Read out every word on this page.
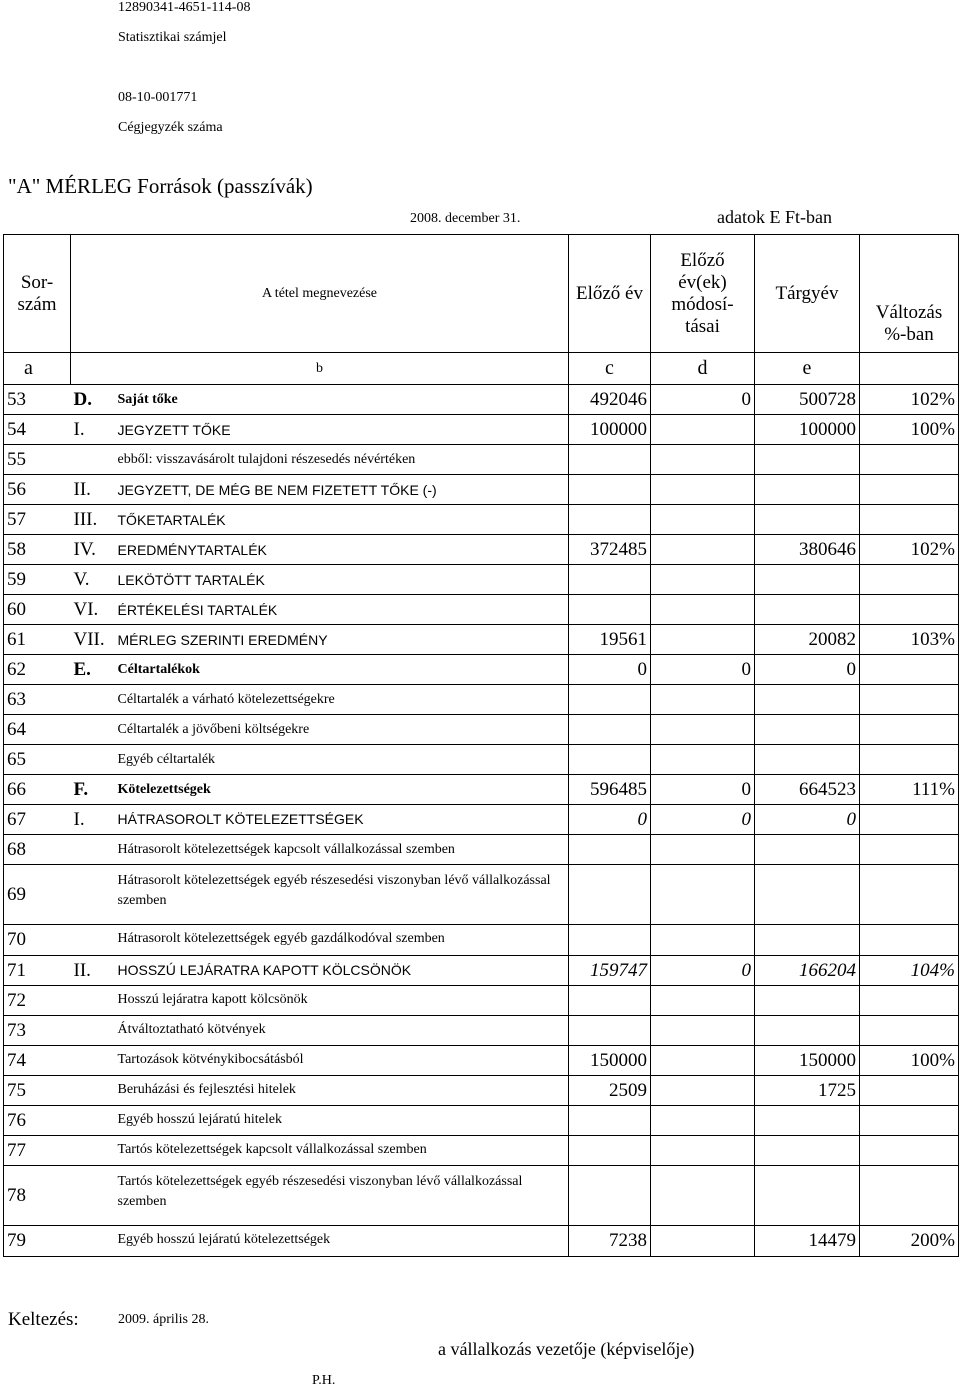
12890341-4651-114-08
Statisztikai számjel
08-10-001771
Cégjegyzék száma
"A" MÉRLEG Források (passzívák)
2008. december 31.	adatok E Ft-ban
Sor-szám	A tétel megnevezése		Előző év	Előző év(ek) módosí-tásai	Tárgyév	Változás %-ban
a	b		c	d	e	
53	D.	Saját tőke	492046	0	500728	102%
54	I.	JEGYZETT TŐKE	100000		100000	100%
55		ebből: visszavásárolt tulajdoni részesedés névértéken				
56	II.	JEGYZETT, DE MÉG BE NEM FIZETETT TŐKE (-)				
57	III.	TŐKETARTALÉK				
58	IV.	EREDMÉNYTARTALÉK	372485		380646	102%
59	V.	LEKÖTÖTT TARTALÉK				
60	VI.	ÉRTÉKELÉSI TARTALÉK				
61	VII.	MÉRLEG SZERINTI EREDMÉNY	19561		20082	103%
62	E.	Céltartalékok	0	0	0	
63		Céltartalék a várható kötelezettségekre				
64		Céltartalék a jövőbeni költségekre				
65		Egyéb céltartalék				
66	F.	Kötelezettségek	596485	0	664523	111%
67	I.	HÁTRASOROLT KÖTELEZETTSÉGEK	0	0	0	
68		Hátrasorolt kötelezettségek kapcsolt vállalkozással szemben				
69		Hátrasorolt kötelezettségek egyéb részesedési viszonyban lévő vállalkozással szemben				
70		Hátrasorolt kötelezettségek egyéb gazdálkodóval szemben				
71	II.	HOSSZÚ LEJÁRATRA KAPOTT KÖLCSÖNÖK	159747	0	166204	104%
72		Hosszú lejáratra kapott kölcsönök				
73		Átváltoztatható kötvények				
74		Tartozások kötvénykibocsátásból	150000		150000	100%
75		Beruházási és fejlesztési hitelek	2509		1725	
76		Egyéb hosszú lejáratú hitelek				
77		Tartós kötelezettségek kapcsolt vállalkozással szemben				
78		Tartós kötelezettségek egyéb részesedési viszonyban lévő vállalkozással szemben				
79		Egyéb hosszú lejáratú kötelezettségek	7238		14479	200%
Keltezés:	2009. április 28.
a vállalkozás vezetője (képviselője)
P.H.
